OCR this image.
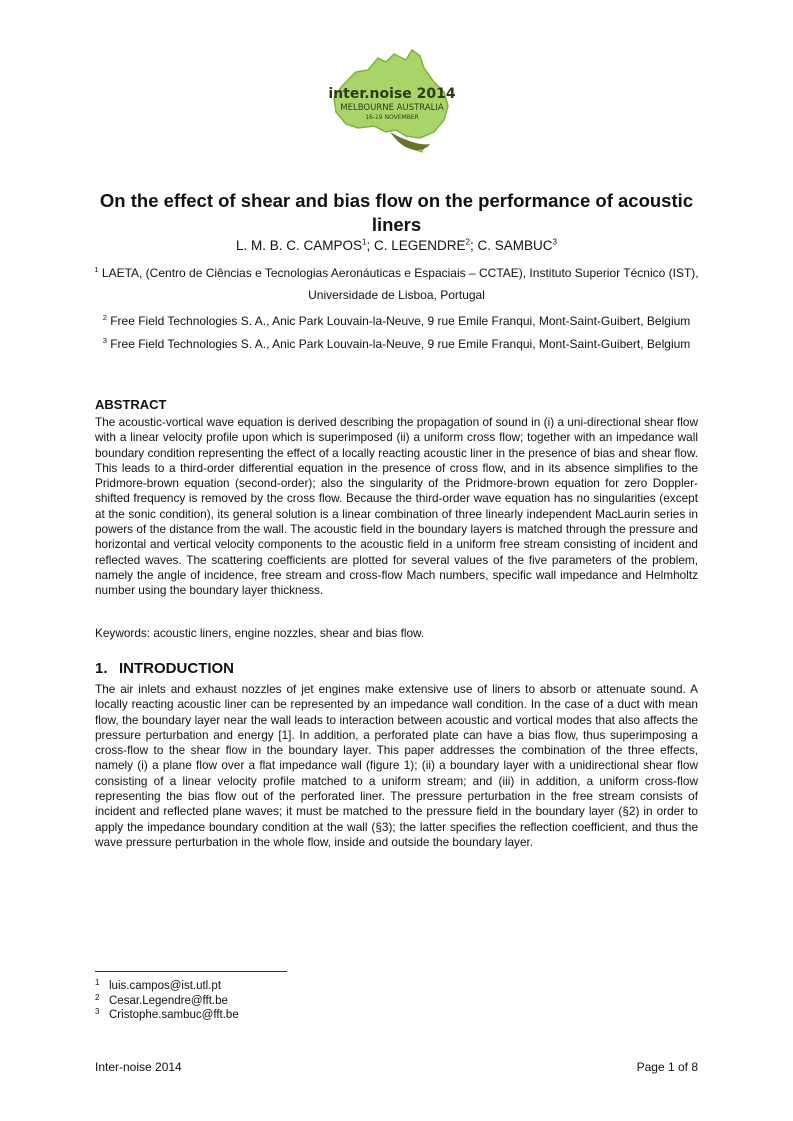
inter.noise 2014
MELBOURNE AUSTRALIA
16-19 NOVEMBER
On the effect of shear and bias flow on the performance of acoustic liners
L. M. B. C. CAMPOS$^1$; C. LEGENDRE$^2$; C. SAMBUC$^3$
$^1$ LAETA, (Centro de Ciências e Tecnologias Aeronáuticas e Espaciais – CCTAE), Instituto Superior Técnico (IST),
Universidade de Lisboa, Portugal
$^2$ Free Field Technologies S. A., Anic Park Louvain-la-Neuve, 9 rue Emile Franqui, Mont-Saint-Guibert, Belgium
$^3$ Free Field Technologies S. A., Anic Park Louvain-la-Neuve, 9 rue Emile Franqui, Mont-Saint-Guibert, Belgium
ABSTRACT
The acoustic-vortical wave equation is derived describing the propagation of sound in (i) a uni-directional shear flow with a linear velocity profile upon which is superimposed (ii) a uniform cross flow; together with an impedance wall boundary condition representing the effect of a locally reacting acoustic liner in the presence of bias and shear flow. This leads to a third-order differential equation in the presence of cross flow, and in its absence simplifies to the Pridmore-brown equation (second-order); also the singularity of the Pridmore-brown equation for zero Doppler-shifted frequency is removed by the cross flow. Because the third-order wave equation has no singularities (except at the sonic condition), its general solution is a linear combination of three linearly independent MacLaurin series in powers of the distance from the wall. The acoustic field in the boundary layers is matched through the pressure and horizontal and vertical velocity components to the acoustic field in a uniform free stream consisting of incident and reflected waves. The scattering coefficients are plotted for several values of the five parameters of the problem, namely the angle of incidence, free stream and cross-flow Mach numbers, specific wall impedance and Helmholtz number using the boundary layer thickness.
Keywords: acoustic liners, engine nozzles, shear and bias flow.
1. INTRODUCTION
The air inlets and exhaust nozzles of jet engines make extensive use of liners to absorb or attenuate sound. A locally reacting acoustic liner can be represented by an impedance wall condition. In the case of a duct with mean flow, the boundary layer near the wall leads to interaction between acoustic and vortical modes that also affects the pressure perturbation and energy [1]. In addition, a perforated plate can have a bias flow, thus superimposing a cross-flow to the shear flow in the boundary layer. This paper addresses the combination of the three effects, namely (i) a plane flow over a flat impedance wall (figure 1); (ii) a boundary layer with a unidirectional shear flow consisting of a linear velocity profile matched to a uniform stream; and (iii) in addition, a uniform cross-flow representing the bias flow out of the perforated liner. The pressure perturbation in the free stream consists of incident and reflected plane waves; it must be matched to the pressure field in the boundary layer (§2) in order to apply the impedance boundary condition at the wall (§3); the latter specifies the reflection coefficient, and thus the wave pressure perturbation in the whole flow, inside and outside the boundary layer.
1 luis.campos@ist.utl.pt
2 Cesar.Legendre@fft.be
3 Cristophe.sambuc@fft.be
Inter-noise 2014	Page 1 of 8
